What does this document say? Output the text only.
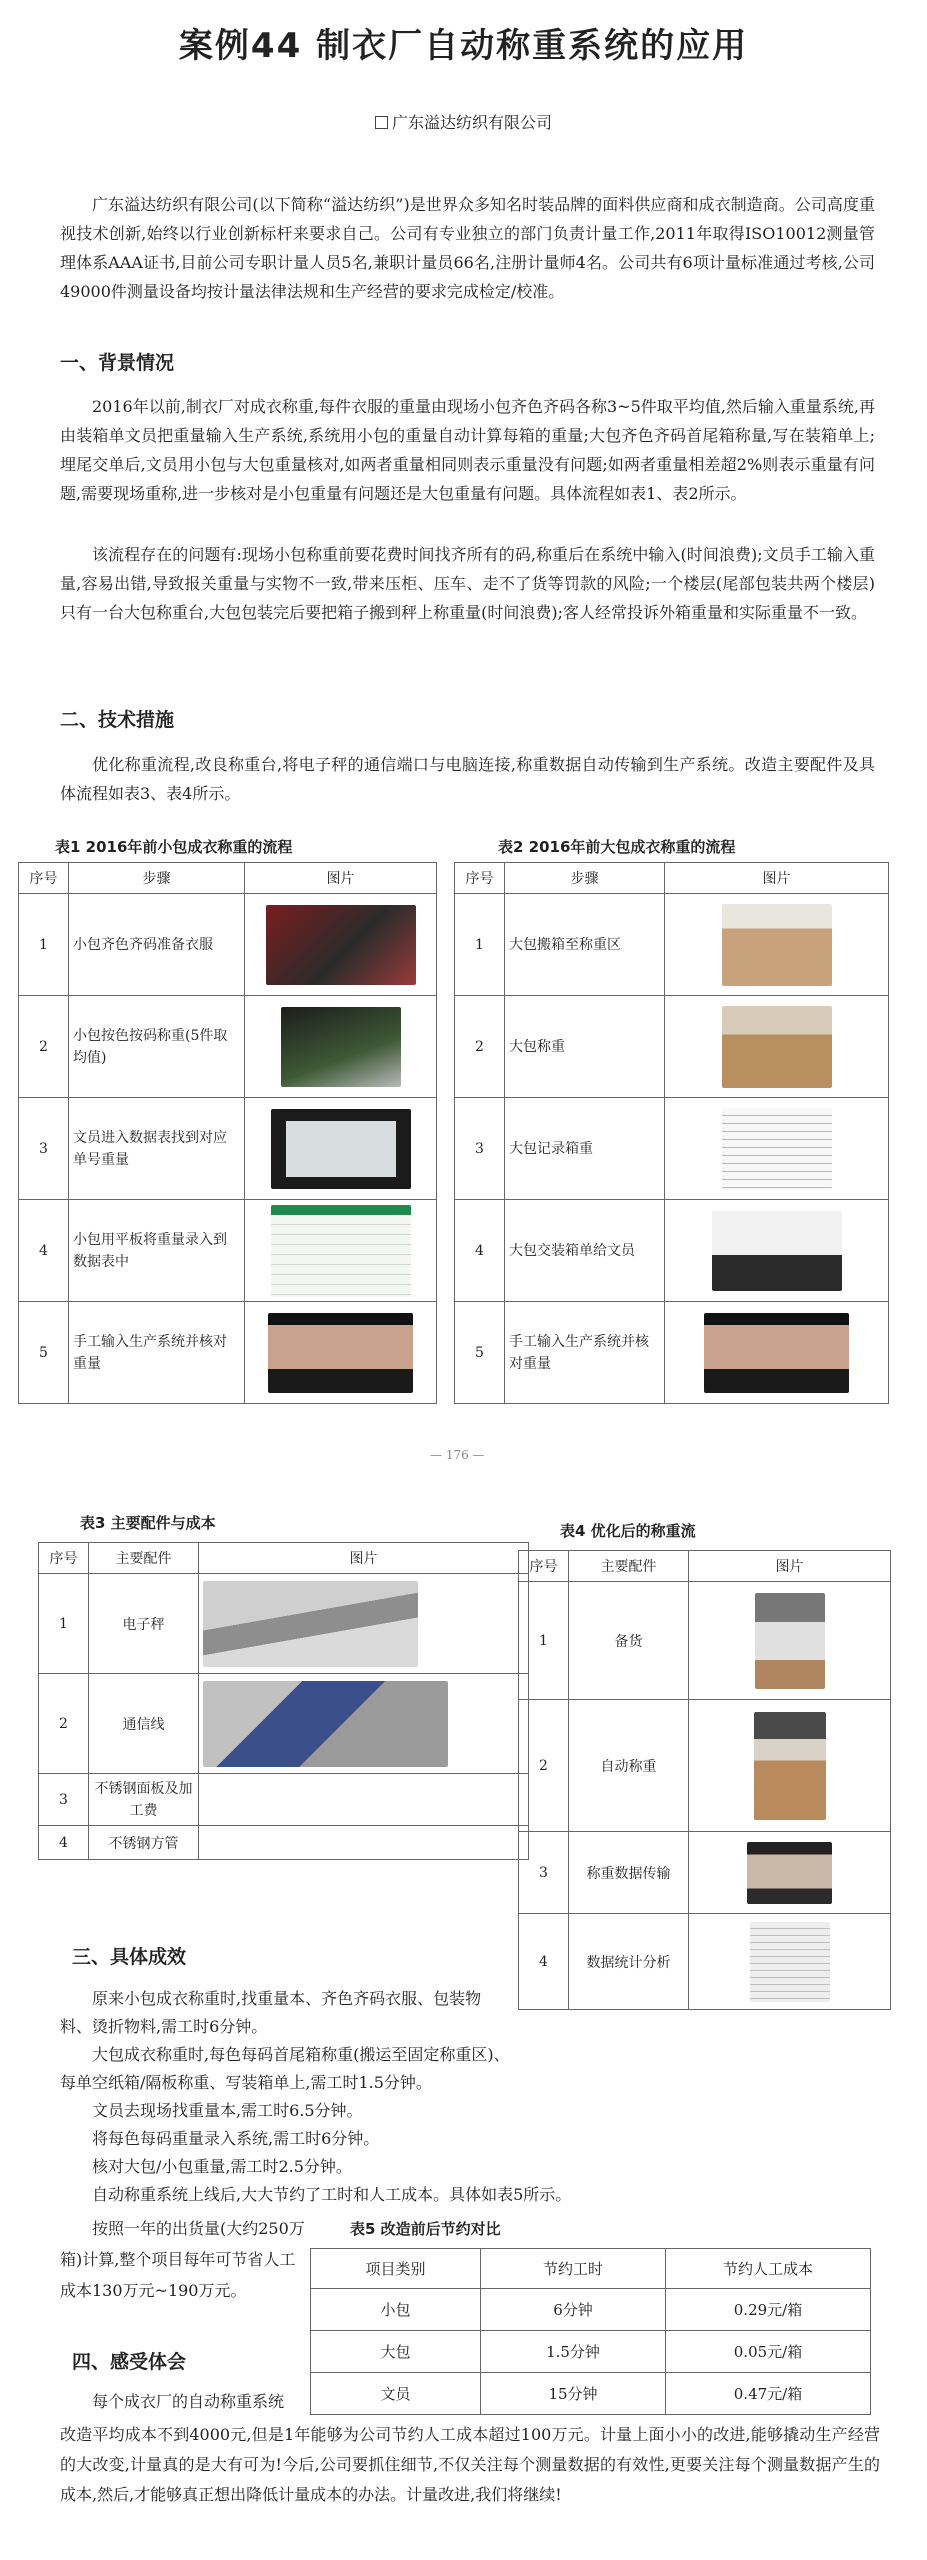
案例44 制衣厂自动称重系统的应用
广东溢达纺织有限公司

广东溢达纺织有限公司(以下简称“溢达纺织”)是世界众多知名时装品牌的面料供应商和成衣制造商。公司高度重视技术创新,始终以行业创新标杆来要求自己。公司有专业独立的部门负责计量工作,2011年取得ISO10012测量管理体系AAA证书,目前公司专职计量人员5名,兼职计量员66名,注册计量师4名。公司共有6项计量标准通过考核,公司49000件测量设备均按计量法律法规和生产经营的要求完成检定/校准。

一、背景情况

2016年以前,制衣厂对成衣称重,每件衣服的重量由现场小包齐色齐码各称3~5件取平均值,然后输入重量系统,再由装箱单文员把重量输入生产系统,系统用小包的重量自动计算每箱的重量;大包齐色齐码首尾箱称量,写在装箱单上;埋尾交单后,文员用小包与大包重量核对,如两者重量相同则表示重量没有问题;如两者重量相差超2%则表示重量有问题,需要现场重称,进一步核对是小包重量有问题还是大包重量有问题。具体流程如表1、表2所示。

该流程存在的问题有:现场小包称重前要花费时间找齐所有的码,称重后在系统中输入(时间浪费);文员手工输入重量,容易出错,导致报关重量与实物不一致,带来压柜、压车、走不了货等罚款的风险;一个楼层(尾部包装共两个楼层)只有一台大包称重台,大包包装完后要把箱子搬到秤上称重量(时间浪费);客人经常投诉外箱重量和实际重量不一致。

二、技术措施

优化称重流程,改良称重台,将电子秤的通信端口与电脑连接,称重数据自动传输到生产系统。改造主要配件及具体流程如表3、表4所示。

表1 2016年前小包成衣称重的流程
序号	步骤	图片
1	小包齐色齐码准备衣服	
2	小包按色按码称重(5件取均值)	
3	文员进入数据表找到对应单号重量	
4	小包用平板将重量录入到数据表中	
5	手工输入生产系统并核对重量	
表2 2016年前大包成衣称重的流程
序号	步骤	图片
1	大包搬箱至称重区	
2	大包称重	
3	大包记录箱重	
4	大包交装箱单给文员	
5	手工输入生产系统并核对重量	
— 176 —
表3 主要配件与成本
序号	主要配件	图片
1	电子秤	
2	通信线	
3	不锈钢面板及加工费	
4	不锈钢方管	
表4 优化后的称重流
序号	主要配件	图片
1	备货	
2	自动称重	
3	称重数据传输	
4	数据统计分析	
三、具体成效

原来小包成衣称重时,找重量本、齐色齐码衣服、包装物料、烫折物料,需工时6分钟。

大包成衣称重时,每色每码首尾箱称重(搬运至固定称重区)、每单空纸箱/隔板称重、写装箱单上,需工时1.5分钟。

文员去现场找重量本,需工时6.5分钟。

将每色每码重量录入系统,需工时6分钟。

核对大包/小包重量,需工时2.5分钟。

自动称重系统上线后,大大节约了工时和人工成本。具体如表5所示。

按照一年的出货量(大约250万箱)计算,整个项目每年可节省人工成本130万元~190万元。

表5 改造前后节约对比
项目类别	节约工时	节约人工成本
小包	6分钟	0.29元/箱
大包	1.5分钟	0.05元/箱
文员	15分钟	0.47元/箱
四、感受体会

每个成衣厂的自动称重系统

改造平均成本不到4000元,但是1年能够为公司节约人工成本超过100万元。计量上面小小的改进,能够撬动生产经营的大改变,计量真的是大有可为!今后,公司要抓住细节,不仅关注每个测量数据的有效性,更要关注每个测量数据产生的成本,然后,才能够真正想出降低计量成本的办法。计量改进,我们将继续!
